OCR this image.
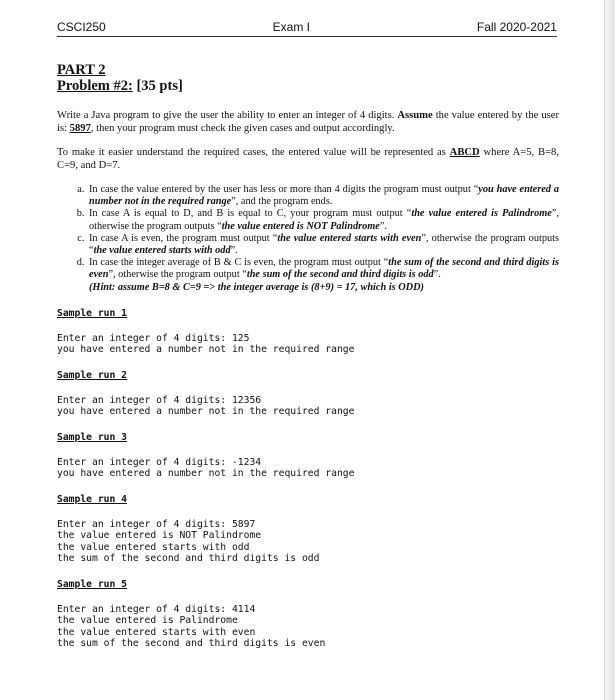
CSCI250	Exam I	Fall 2020-2021
PART 2
Problem #2: [35 pts]

Write a Java program to give the user the ability to enter an integer of 4 digits. Assume the value entered by the user is: 5897, then your program must check the given cases and output accordingly.

To make it easier understand the required cases, the entered value will be represented as ABCD where A=5, B=8, C=9, and D=7.

a. In case the value entered by the user has less or more than 4 digits the program must output “you have entered a number not in the required range”, and the program ends.
b. In case A is equal to D, and B is equal to C, your program must output “the value entered is Palindrome”, otherwise the program outputs “the value entered is NOT Palindrome”.
c. In case A is even, the program must output “the value entered starts with even”, otherwise the program outputs “the value entered starts with odd”.
d. In case the integer average of B & C is even, the program must output “the sum of the second and third digits is even”, otherwise the program output “the sum of the second and third digits is odd”.
(Hint: assume B=8 & C=9 => the integer average is (8+9) = 17, which is ODD)
Sample run 1
Enter an integer of 4 digits: 125
you have entered a number not in the required range
Sample run 2
Enter an integer of 4 digits: 12356
you have entered a number not in the required range
Sample run 3
Enter an integer of 4 digits: -1234
you have entered a number not in the required range
Sample run 4
Enter an integer of 4 digits: 5897
the value entered is NOT Palindrome
the value entered starts with odd
the sum of the second and third digits is odd
Sample run 5
Enter an integer of 4 digits: 4114
the value entered is Palindrome
the value entered starts with even
the sum of the second and third digits is even
